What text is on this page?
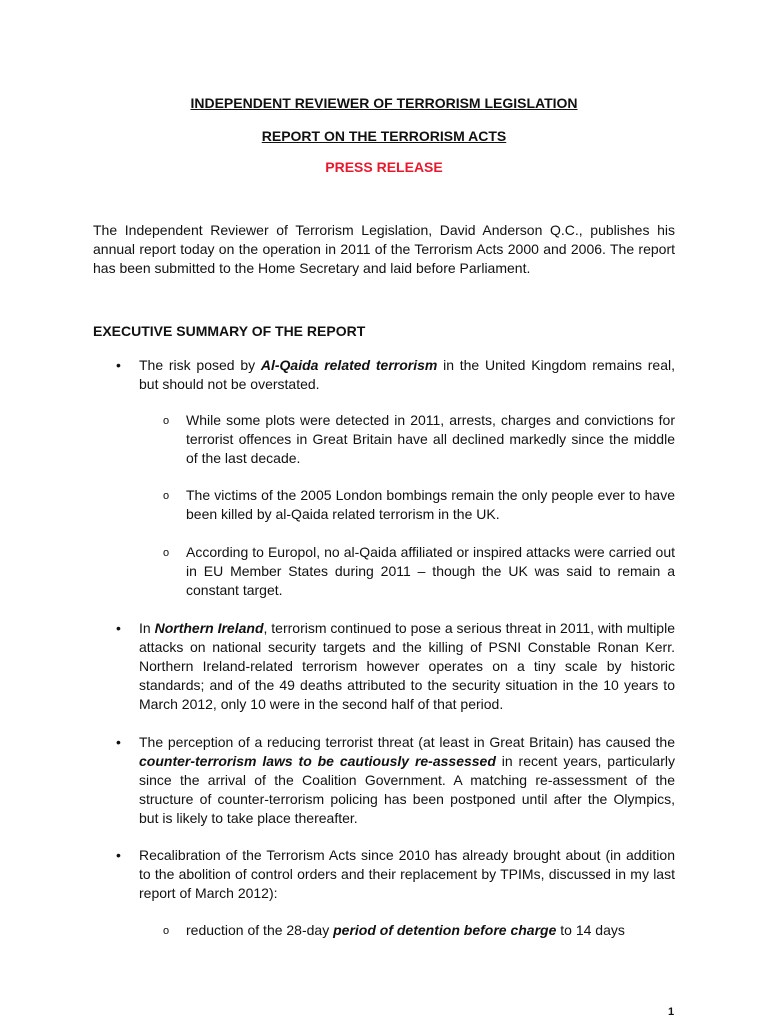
INDEPENDENT REVIEWER OF TERRORISM LEGISLATION
REPORT ON THE TERRORISM ACTS
PRESS RELEASE

The Independent Reviewer of Terrorism Legislation, David Anderson Q.C., publishes his annual report today on the operation in 2011 of the Terrorism Acts 2000 and 2006. The report has been submitted to the Home Secretary and laid before Parliament.

EXECUTIVE SUMMARY OF THE REPORT

• The risk posed by Al-Qaida related terrorism in the United Kingdom remains real, but should not be overstated.

o While some plots were detected in 2011, arrests, charges and convictions for terrorist offences in Great Britain have all declined markedly since the middle of the last decade.

o The victims of the 2005 London bombings remain the only people ever to have been killed by al-Qaida related terrorism in the UK.

o According to Europol, no al-Qaida affiliated or inspired attacks were carried out in EU Member States during 2011 – though the UK was said to remain a constant target.

• In Northern Ireland, terrorism continued to pose a serious threat in 2011, with multiple attacks on national security targets and the killing of PSNI Constable Ronan Kerr. Northern Ireland-related terrorism however operates on a tiny scale by historic standards; and of the 49 deaths attributed to the security situation in the 10 years to March 2012, only 10 were in the second half of that period.

• The perception of a reducing terrorist threat (at least in Great Britain) has caused the counter-terrorism laws to be cautiously re-assessed in recent years, particularly since the arrival of the Coalition Government. A matching re-assessment of the structure of counter-terrorism policing has been postponed until after the Olympics, but is likely to take place thereafter.

• Recalibration of the Terrorism Acts since 2010 has already brought about (in addition to the abolition of control orders and their replacement by TPIMs, discussed in my last report of March 2012):

o reduction of the 28-day period of detention before charge to 14 days

1
